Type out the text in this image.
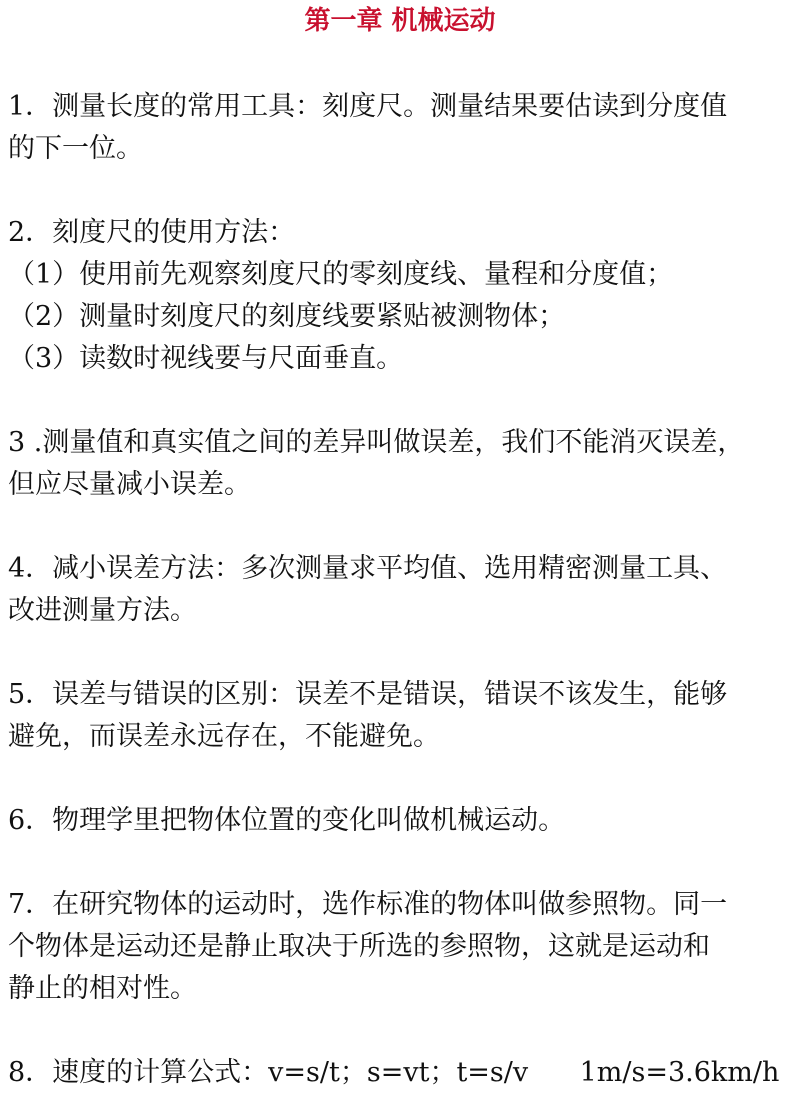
第一章 机械运动

1．测量长度的常用工具：刻度尺。测量结果要估读到分度值
的下一位。

2．刻度尺的使用方法：
（1）使用前先观察刻度尺的零刻度线、量程和分度值；
（2）测量时刻度尺的刻度线要紧贴被测物体；
（3）读数时视线要与尺面垂直。

3 .测量值和真实值之间的差异叫做误差，我们不能消灭误差，
但应尽量减小误差。

4．减小误差方法：多次测量求平均值、选用精密测量工具、
改进测量方法。

5．误差与错误的区别：误差不是错误，错误不该发生，能够
避免，而误差永远存在，不能避免。

6．物理学里把物体位置的变化叫做机械运动。

7．在研究物体的运动时，选作标准的物体叫做参照物。同一
个物体是运动还是静止取决于所选的参照物，这就是运动和
静止的相对性。

8．速度的计算公式：v=s/t；s=vt；t=s/v      1m/s=3.6km/h
